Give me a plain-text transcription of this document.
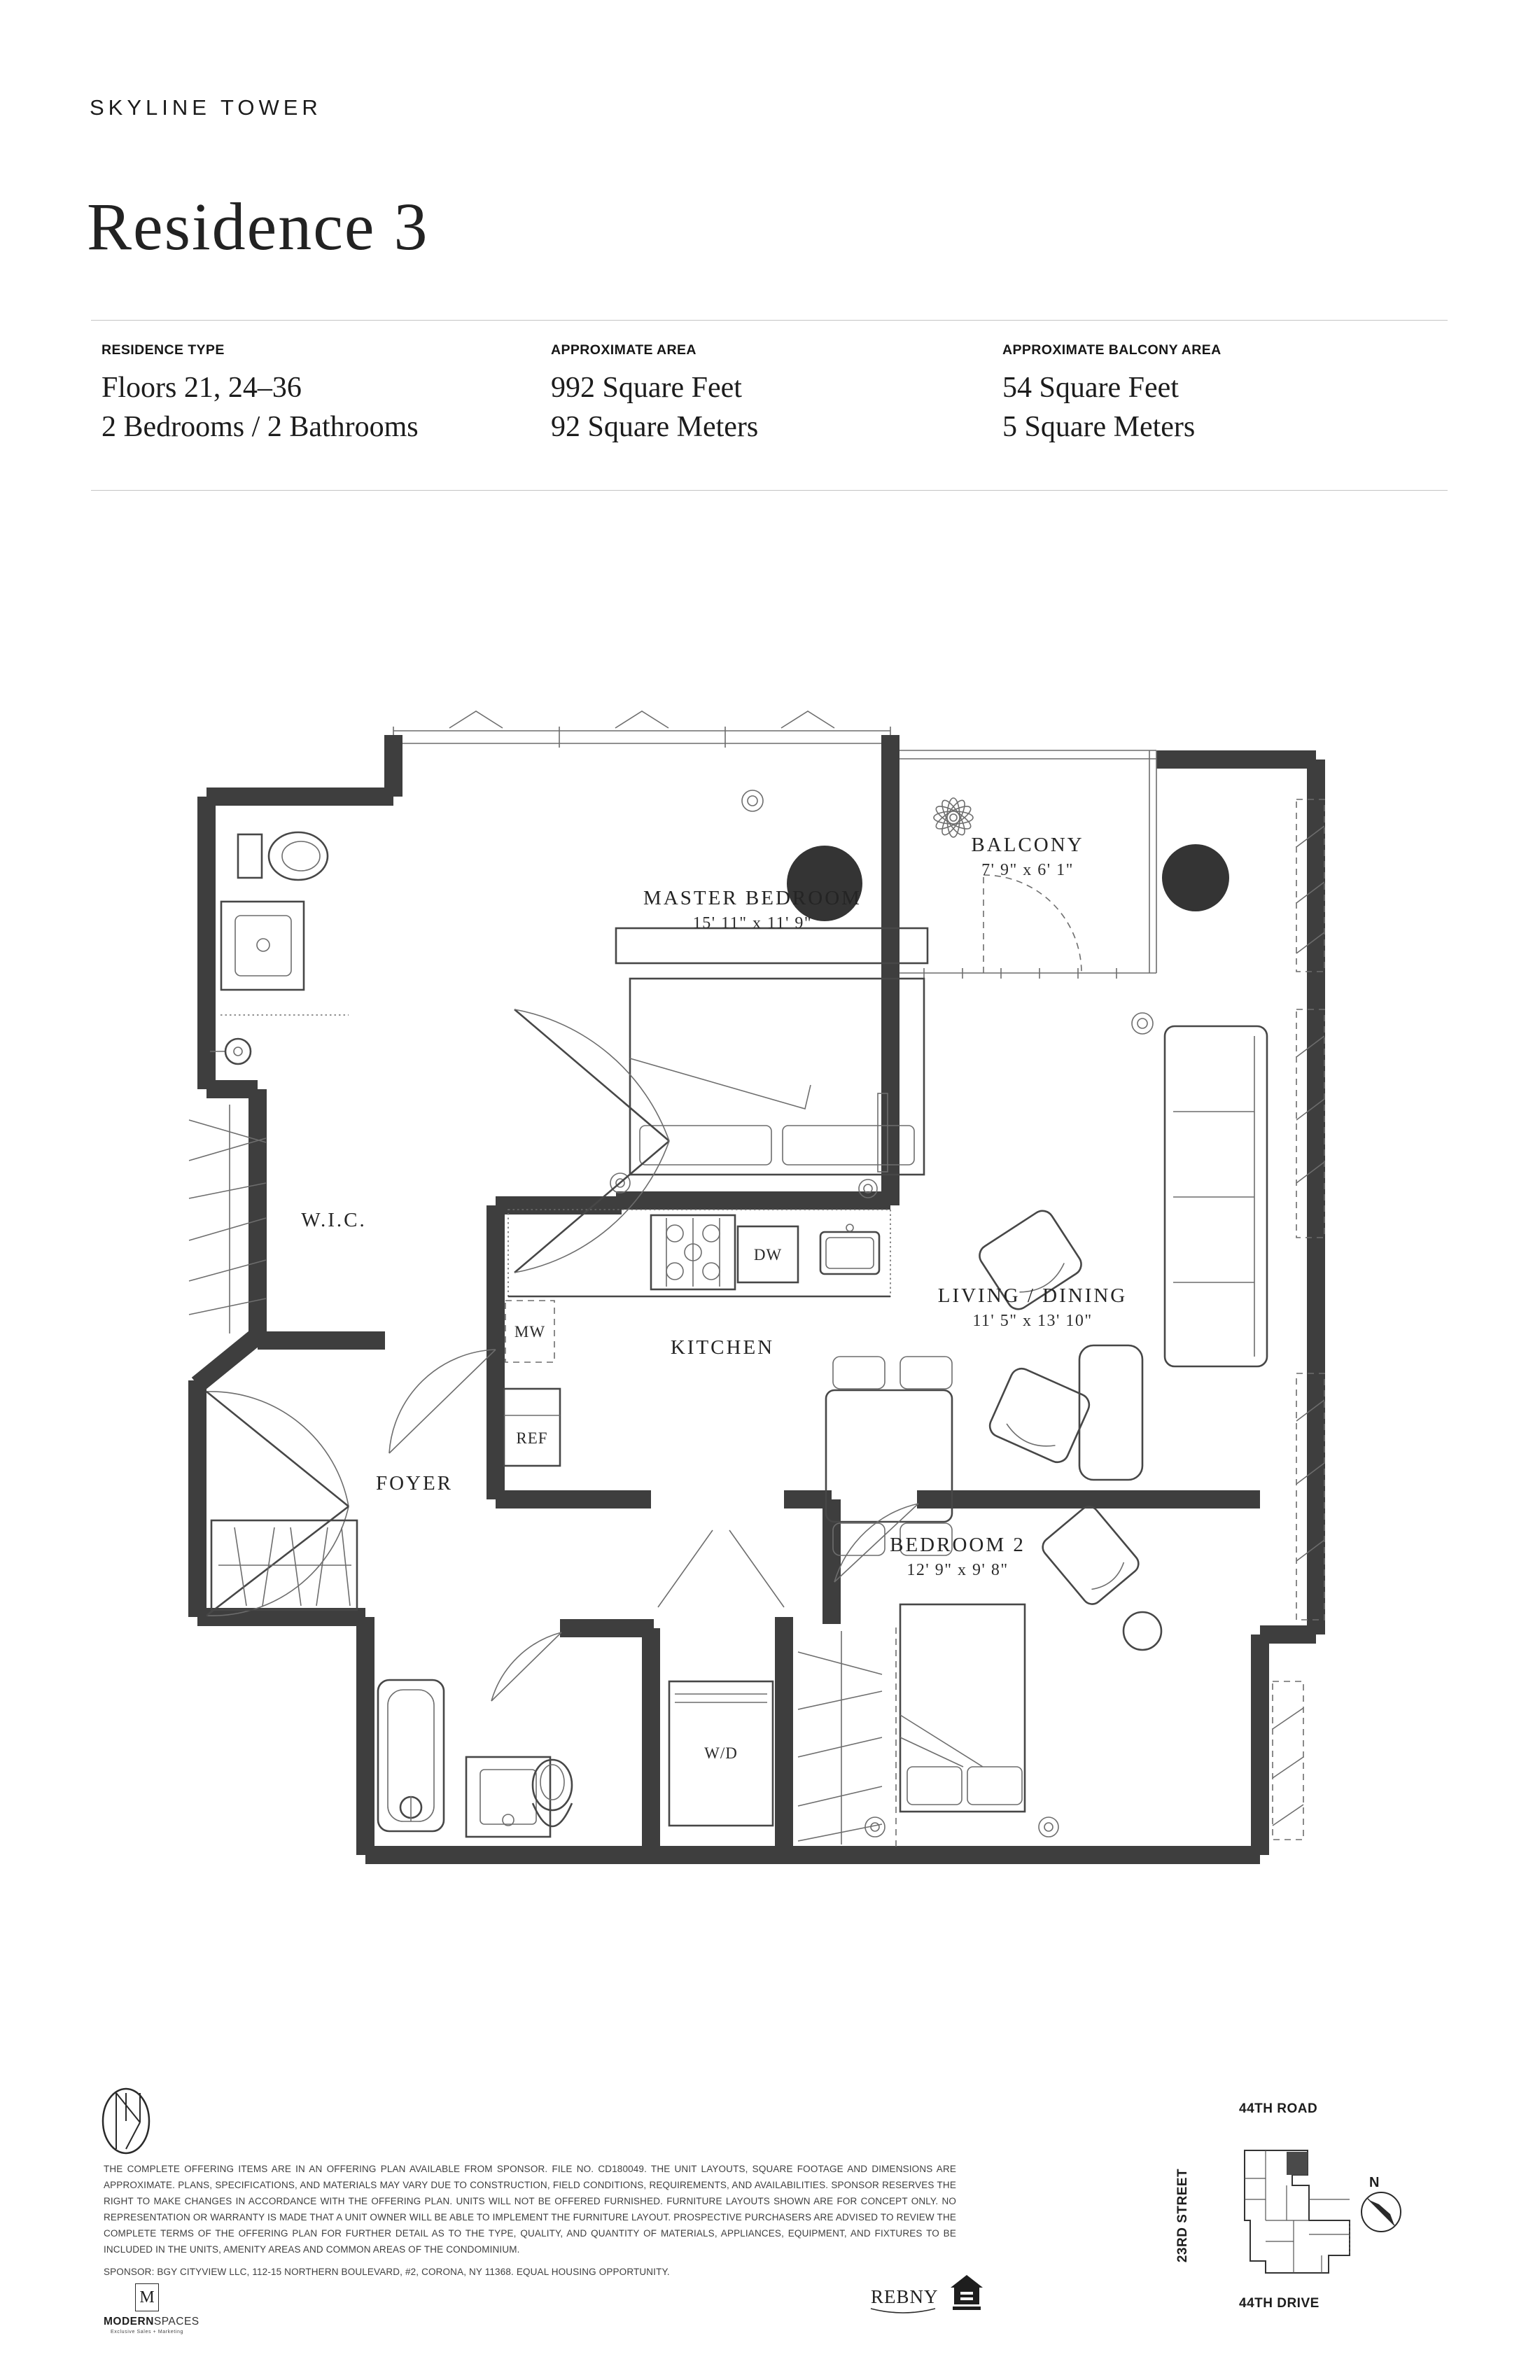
SKYLINE TOWER
Residence 3
RESIDENCE TYPE
Floors 21, 24–36
2 Bedrooms / 2 Bathrooms
APPROXIMATE AREA
992 Square Feet
92 Square Meters
APPROXIMATE BALCONY AREA
54 Square Feet
5 Square Meters
MASTER BEDROOM
15' 11" x 11' 9"
BALCONY
7' 9" x 6' 1"
W.I.C.
KITCHEN
LIVING / DINING
11' 5" x 13' 10"
FOYER
BEDROOM 2
12' 9" x 9' 8"
DW
MW
REF
W/D
THE COMPLETE OFFERING ITEMS ARE IN AN OFFERING PLAN AVAILABLE FROM SPONSOR. FILE NO. CD180049. THE UNIT LAYOUTS, SQUARE FOOTAGE AND DIMENSIONS ARE APPROXIMATE. PLANS, SPECIFICATIONS, AND MATERIALS MAY VARY DUE TO CONSTRUCTION, FIELD CONDITIONS, REQUIREMENTS, AND AVAILABILITIES. SPONSOR RESERVES THE RIGHT TO MAKE CHANGES IN ACCORDANCE WITH THE OFFERING PLAN. UNITS WILL NOT BE OFFERED FURNISHED. FURNITURE LAYOUTS SHOWN ARE FOR CONCEPT ONLY. NO REPRESENTATION OR WARRANTY IS MADE THAT A UNIT OWNER WILL BE ABLE TO IMPLEMENT THE FURNITURE LAYOUT. PROSPECTIVE PURCHASERS ARE ADVISED TO REVIEW THE COMPLETE TERMS OF THE OFFERING PLAN FOR FURTHER DETAIL AS TO THE TYPE, QUALITY, AND QUANTITY OF MATERIALS, APPLIANCES, EQUIPMENT, AND FIXTURES TO BE INCLUDED IN THE UNITS, AMENITY AREAS AND COMMON AREAS OF THE CONDOMINIUM.
SPONSOR: BGY CITYVIEW LLC, 112-15 NORTHERN BOULEVARD, #2, CORONA, NY 11368. EQUAL HOUSING OPPORTUNITY.
M
MODERNSPACES
Exclusive Sales + Marketing
REBNY
44TH ROAD
23RD STREET
44TH DRIVE
N
